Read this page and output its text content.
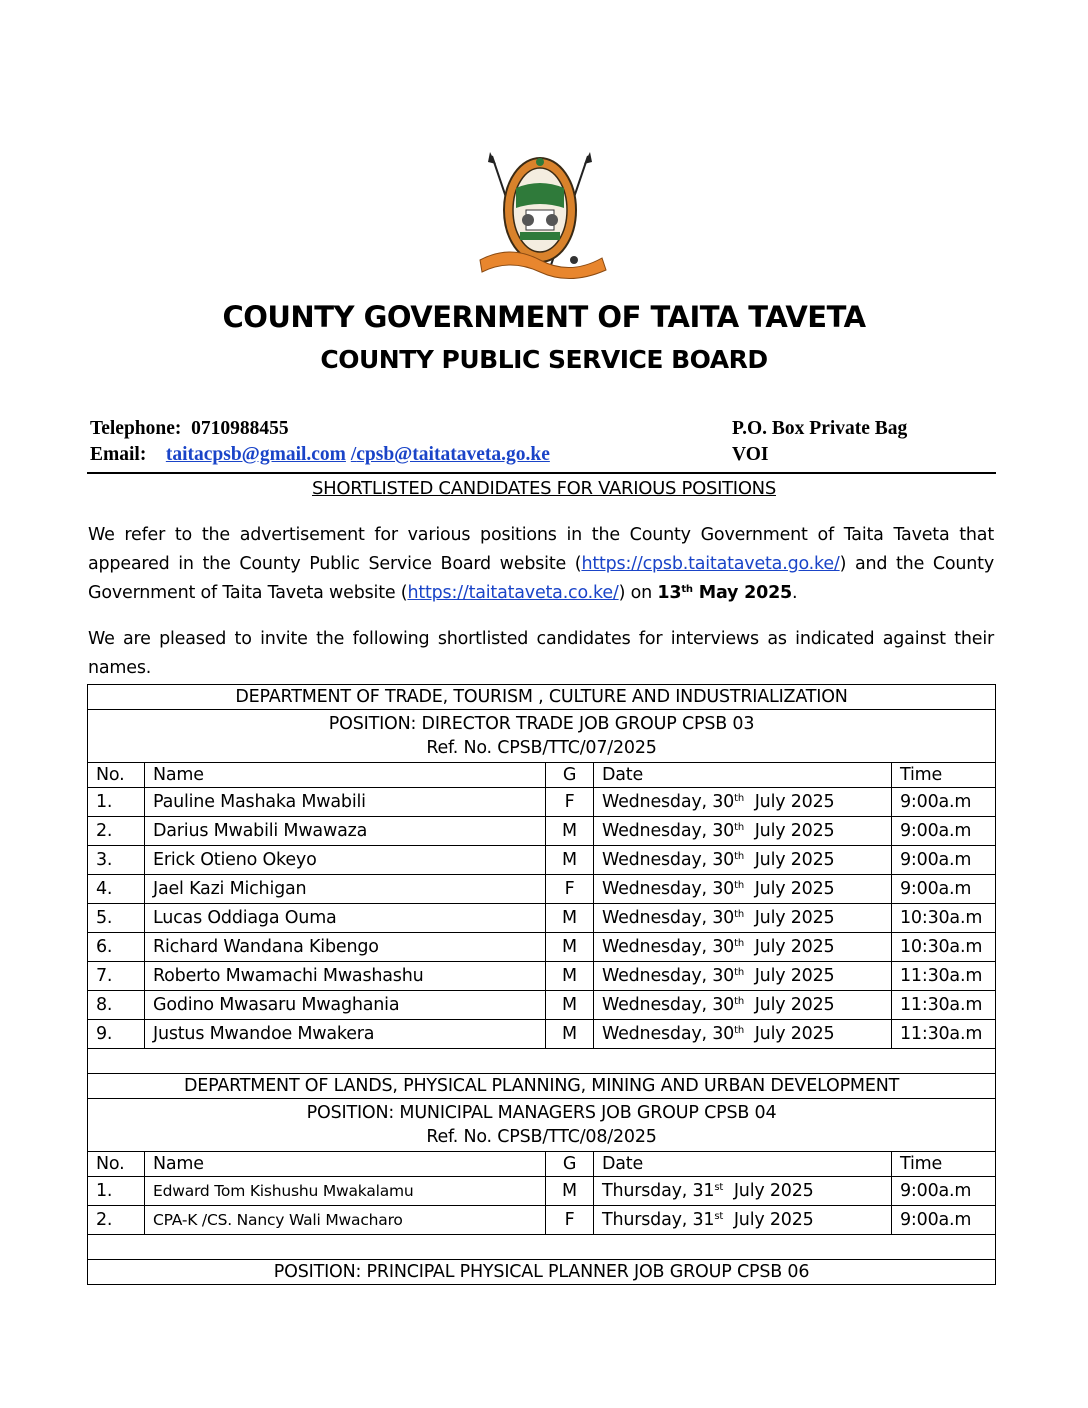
COUNTY GOVERNMENT OF TAITA TAVETA
COUNTY PUBLIC SERVICE BOARD
Telephone: 0710988455
Email: taitacpsb@gmail.com /cpsb@taitataveta.go.ke
P.O. Box Private Bag
VOI
SHORTLISTED CANDIDATES FOR VARIOUS POSITIONS
We refer to the advertisement for various positions in the County Government of Taita Taveta that appeared in the County Public Service Board website (https://cpsb.taitataveta.go.ke/) and the County Government of Taita Taveta website (https://taitataveta.co.ke/) on 13th May 2025.
We are pleased to invite the following shortlisted candidates for interviews as indicated against their names.
DEPARTMENT OF TRADE, TOURISM , CULTURE AND INDUSTRIALIZATION				

POSITION: DIRECTOR TRADE JOB GROUP CPSB 03
Ref. No. CPSB/TTC/07/2025				

No.	Name	G	Date	Time
1.	Pauline Mashaka Mwabili	F	Wednesday, 30th July 2025	9:00a.m
2.	Darius Mwabili Mwawaza	M	Wednesday, 30th July 2025	9:00a.m
3.	Erick Otieno Okeyo	M	Wednesday, 30th July 2025	9:00a.m
4.	Jael Kazi Michigan	F	Wednesday, 30th July 2025	9:00a.m
5.	Lucas Oddiaga Ouma	M	Wednesday, 30th July 2025	10:30a.m
6.	Richard Wandana Kibengo	M	Wednesday, 30th July 2025	10:30a.m
7.	Roberto Mwamachi Mwashashu	M	Wednesday, 30th July 2025	11:30a.m
8.	Godino Mwasaru Mwaghania	M	Wednesday, 30th July 2025	11:30a.m
9.	Justus Mwandoe Mwakera	M	Wednesday, 30th July 2025	11:30a.m

DEPARTMENT OF LANDS, PHYSICAL PLANNING, MINING AND URBAN DEVELOPMENT				

POSITION: MUNICIPAL MANAGERS JOB GROUP CPSB 04
Ref. No. CPSB/TTC/08/2025				

No.	Name	G	Date	Time
1.	Edward Tom Kishushu Mwakalamu	M	Thursday, 31st July 2025	9:00a.m
2.	CPA-K /CS. Nancy Wali Mwacharo	F	Thursday, 31st July 2025	9:00a.m

POSITION: PRINCIPAL PHYSICAL PLANNER JOB GROUP CPSB 06				
